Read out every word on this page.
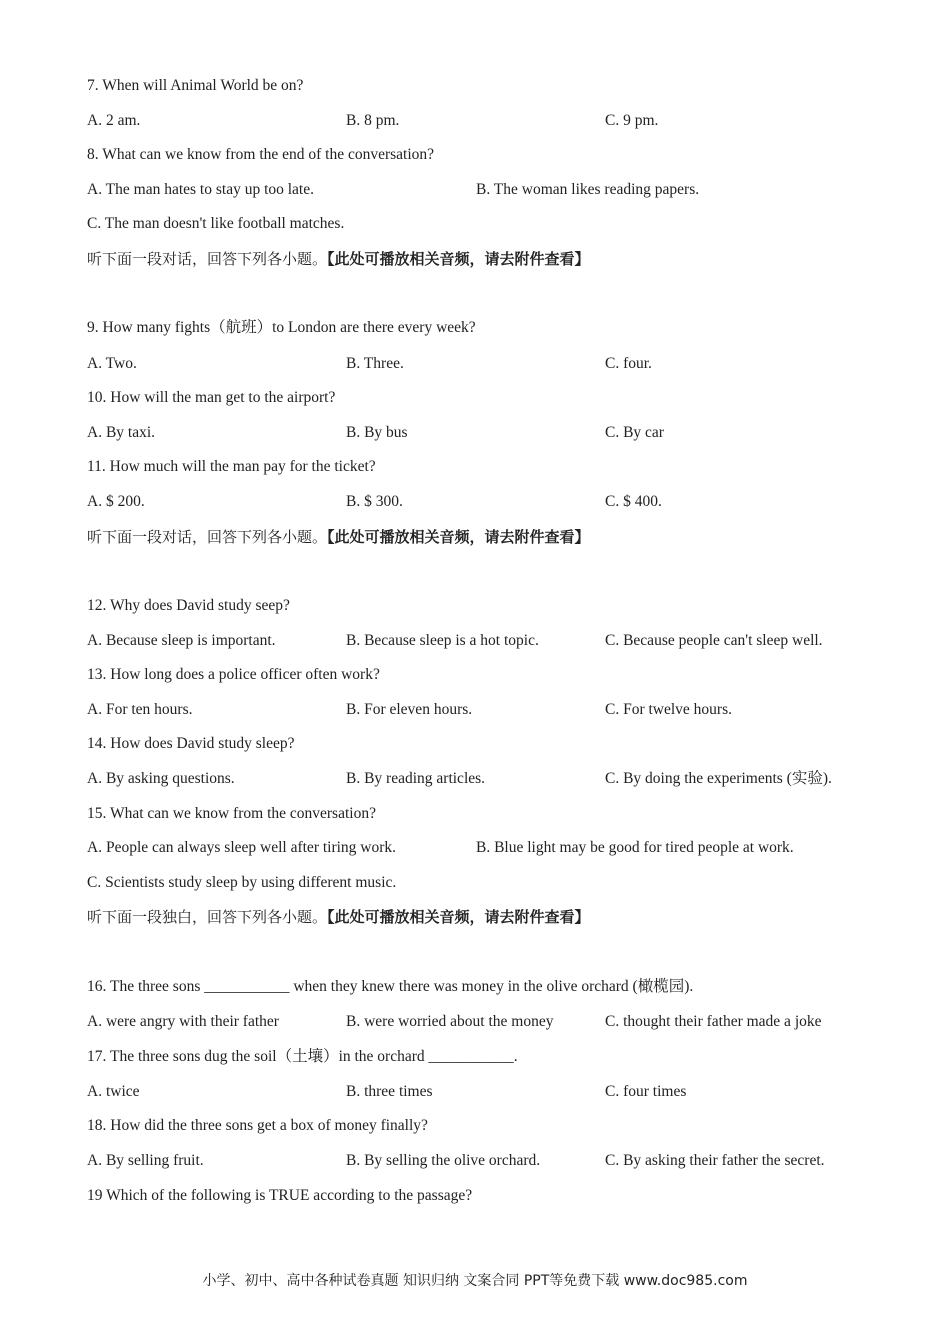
7. When will Animal World be on?
A. 2 am.	B. 8 pm.	C. 9 pm.
8. What can we know from the end of the conversation?
A. The man hates to stay up too late.	B. The woman likes reading papers.
C. The man doesn't like football matches.
听下面一段对话，回答下列各小题。【此处可播放相关音频，请去附件查看】
9. How many fights（航班）to London are there every week?
A. Two.	B. Three.	C. four.
10. How will the man get to the airport?
A. By taxi.	B. By bus	C. By car
11. How much will the man pay for the ticket?
A. $ 200.	B. $ 300.	C. $ 400.
听下面一段对话，回答下列各小题。【此处可播放相关音频，请去附件查看】
12. Why does David study seep?
A. Because sleep is important.	B. Because sleep is a hot topic.	C. Because people can't sleep well.
13. How long does a police officer often work?
A. For ten hours.	B. For eleven hours.	C. For twelve hours.
14. How does David study sleep?
A. By asking questions.	B. By reading articles.	C. By doing the experiments (实验).
15. What can we know from the conversation?
A. People can always sleep well after tiring work.	B. Blue light may be good for tired people at work.
C. Scientists study sleep by using different music.
听下面一段独白，回答下列各小题。【此处可播放相关音频，请去附件查看】
16. The three sons ___________ when they knew there was money in the olive orchard (橄榄园).
A. were angry with their father	B. were worried about the money	C. thought their father made a joke
17. The three sons dug the soil（土壤）in the orchard ___________.
A. twice	B. three times	C. four times
18. How did the three sons get a box of money finally?
A. By selling fruit.	B. By selling the olive orchard.	C. By asking their father the secret.
19 Which of the following is TRUE according to the passage?
小学、初中、高中各种试卷真题 知识归纳 文案合同 PPT等免费下载 www.doc985.com
